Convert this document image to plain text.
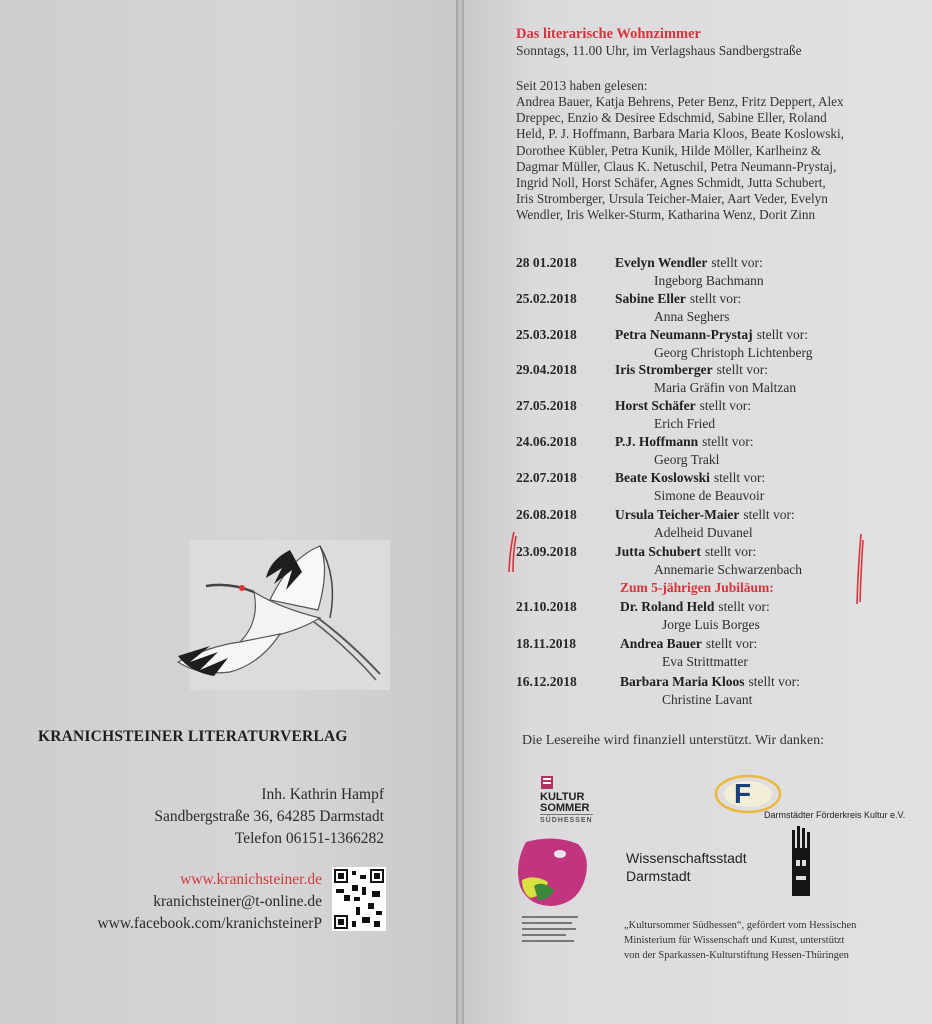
KRANICHSTEINER LITERATURVERLAG
Inh. Kathrin Hampf
Sandbergstraße 36, 64285 Darmstadt
Telefon 06151-1366282
www.kranichsteiner.de
kranichsteiner@t-online.de
www.facebook.com/kranichsteinerP
Das literarische Wohnzimmer
Sonntags, 11.00 Uhr, im Verlagshaus Sandbergstraße
Seit 2013 haben gelesen:
Andrea Bauer, Katja Behrens, Peter Benz, Fritz Deppert, Alex
Dreppec, Enzio & Desiree Edschmid, Sabine Eller, Roland
Held, P. J. Hoffmann, Barbara Maria Kloos, Beate Koslowski,
Dorothee Kübler, Petra Kunik, Hilde Möller, Karlheinz &
Dagmar Müller, Claus K. Netuschil, Petra Neumann-Prystaj,
Ingrid Noll, Horst Schäfer, Agnes Schmidt, Jutta Schubert,
Iris Stromberger, Ursula Teicher-Maier, Aart Veder, Evelyn
Wendler, Iris Welker-Sturm, Katharina Wenz, Dorit Zinn
28 01.2018	Evelyn Wendler stellt vor:
Ingeborg Bachmann
25.02.2018	Sabine Eller stellt vor:
Anna Seghers
25.03.2018	Petra Neumann-Prystaj stellt vor:
Georg Christoph Lichtenberg
29.04.2018	Iris Stromberger stellt vor:
Maria Gräfin von Maltzan
27.05.2018	Horst Schäfer stellt vor:
Erich Fried
24.06.2018	P.J. Hoffmann stellt vor:
Georg Trakl
22.07.2018	Beate Koslowski stellt vor:
Simone de Beauvoir
26.08.2018	Ursula Teicher-Maier stellt vor:
Adelheid Duvanel
23.09.2018	Jutta Schubert stellt vor:
Annemarie Schwarzenbach
21.10.2018	Dr. Roland Held stellt vor:
Jorge Luis Borges
18.11.2018	Andrea Bauer stellt vor:
Eva Strittmatter
16.12.2018	Barbara Maria Kloos stellt vor:
Christine Lavant
Zum 5-jährigen Jubiläum:
Die Lesereihe wird finanziell unterstützt. Wir danken:
KULTUR
SOMMER
SÜDHESSEN
F
Darmstädter Förderkreis Kultur e.V.
Wissenschaftsstadt
Darmstadt
„Kultursommer Südhessen“, gefördert vom Hessischen
Ministerium für Wissenschaft und Kunst, unterstützt
von der Sparkassen-Kulturstiftung Hessen-Thüringen
